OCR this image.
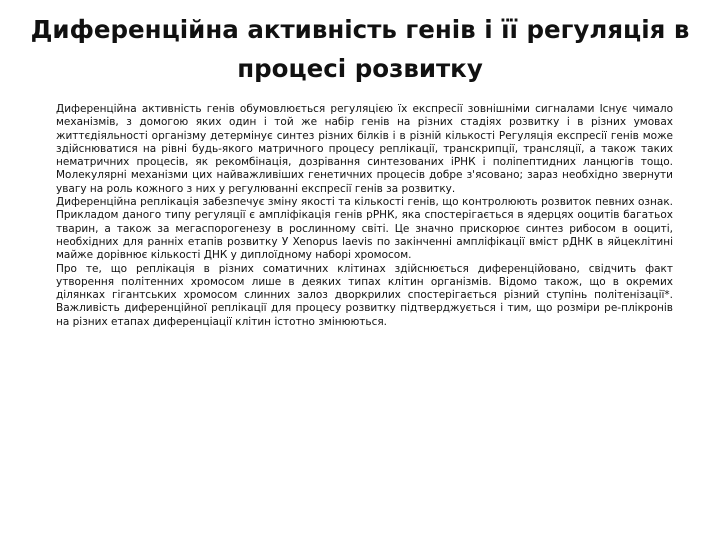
Диференційна активність генів і її регуляція в процесі розвитку

Диференційна активність генів обумовлюється регуляцією їх експресії зовнішніми сигналами Існує чимало механізмів, з домогою яких один і той же набір генів на різних стадіях розвитку і в різних умовах життєдіяльності організму детермінує синтез різних білків і в різній кількості Регуляція експресії генів може здійснюватися на рівні будь-якого матричного процесу реплікації, транскрипції, трансляції, а також таких нематричних процесів, як рекомбінація, дозрівання синтезованих іРНК і поліпептидних ланцюгів тощо. Молекулярні механізми цих найважливіших генетичних процесів добре з'ясовано; зараз необхідно звернути увагу на роль кожного з них у регулюванні експресії генів за розвитку.

Диференційна реплікація забезпечує зміну якості та кількості генів, що контролюють розвиток певних ознак. Прикладом даного типу регуляції є ампліфікація генів рРНК, яка спостерігається в ядерцях ооцитів багатьох тварин, а також за мегаспорогенезу в рослинному світі. Це значно прискорює синтез рибосом в ооциті, необхідних для ранніх етапів розвитку У Xenopus laevis по закінченні ампліфікації вміст рДНК в яйцеклітині майже дорівнює кількості ДНК у диплоїдному наборі хромосом.

Про те, що реплікація в різних соматичних клітинах здійснюється диференційовано, свідчить факт утворення політенних хромосом лише в деяких типах клітин організмів. Відомо також, що в окремих ділянках гігантських хромосом слинних залоз дворкрилих спостерігається різний ступінь політенізації*. Важливість диференційної реплікації для процесу розвитку підтверджується і тим, що розміри ре-плікронів на різних етапах диференціації клітин істотно змінюються.
